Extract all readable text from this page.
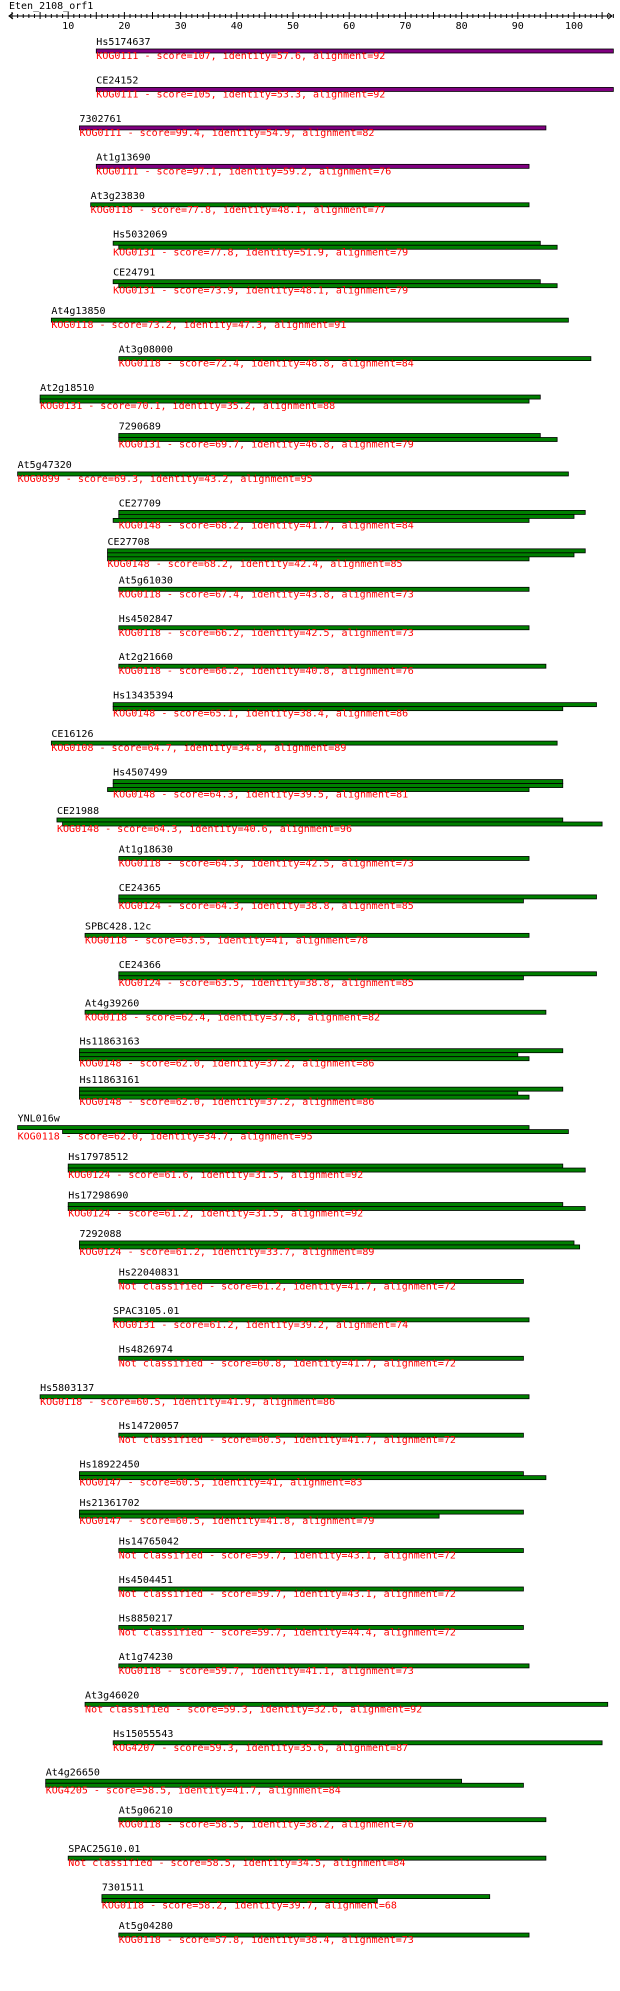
Eten_2108_orf1
10	20	30	40	50	60	70	80	90	100
Hs5174637
KOG0111 - score=107, identity=57.6, alignment=92
CE24152
KOG0111 - score=105, identity=53.3, alignment=92
7302761
KOG0111 - score=99.4, identity=54.9, alignment=82
At1g13690
KOG0111 - score=97.1, identity=59.2, alignment=76
At3g23830
KOG0118 - score=77.8, identity=48.1, alignment=77
Hs5032069
KOG0131 - score=77.8, identity=51.9, alignment=79
CE24791
KOG0131 - score=73.9, identity=48.1, alignment=79
At4g13850
KOG0118 - score=73.2, identity=47.3, alignment=91
At3g08000
KOG0118 - score=72.4, identity=48.8, alignment=84
At2g18510
KOG0131 - score=70.1, identity=35.2, alignment=88
7290689
KOG0131 - score=69.7, identity=46.8, alignment=79
At5g47320
KOG0899 - score=69.3, identity=43.2, alignment=95
CE27709
KOG0148 - score=68.2, identity=41.7, alignment=84
CE27708
KOG0148 - score=68.2, identity=42.4, alignment=85
At5g61030
KOG0118 - score=67.4, identity=43.8, alignment=73
Hs4502847
KOG0118 - score=66.2, identity=42.5, alignment=73
At2g21660
KOG0118 - score=66.2, identity=40.8, alignment=76
Hs13435394
KOG0148 - score=65.1, identity=38.4, alignment=86
CE16126
KOG0108 - score=64.7, identity=34.8, alignment=89
Hs4507499
KOG0148 - score=64.3, identity=39.5, alignment=81
CE21988
KOG0148 - score=64.3, identity=40.6, alignment=96
At1g18630
KOG0118 - score=64.3, identity=42.5, alignment=73
CE24365
KOG0124 - score=64.3, identity=38.8, alignment=85
SPBC428.12c
KOG0118 - score=63.5, identity=41, alignment=78
CE24366
KOG0124 - score=63.5, identity=38.8, alignment=85
At4g39260
KOG0118 - score=62.4, identity=37.8, alignment=82
Hs11863163
KOG0148 - score=62.0, identity=37.2, alignment=86
Hs11863161
KOG0148 - score=62.0, identity=37.2, alignment=86
YNL016w
KOG0118 - score=62.0, identity=34.7, alignment=95
Hs17978512
KOG0124 - score=61.6, identity=31.5, alignment=92
Hs17298690
KOG0124 - score=61.2, identity=31.5, alignment=92
7292088
KOG0124 - score=61.2, identity=33.7, alignment=89
Hs22040831
Not classified - score=61.2, identity=41.7, alignment=72
SPAC3105.01
KOG0131 - score=61.2, identity=39.2, alignment=74
Hs4826974
Not classified - score=60.8, identity=41.7, alignment=72
Hs5803137
KOG0118 - score=60.5, identity=41.9, alignment=86
Hs14720057
Not classified - score=60.5, identity=41.7, alignment=72
Hs18922450
KOG0147 - score=60.5, identity=41, alignment=83
Hs21361702
KOG0147 - score=60.5, identity=41.8, alignment=79
Hs14765042
Not classified - score=59.7, identity=43.1, alignment=72
Hs4504451
Not classified - score=59.7, identity=43.1, alignment=72
Hs8850217
Not classified - score=59.7, identity=44.4, alignment=72
At1g74230
KOG0118 - score=59.7, identity=41.1, alignment=73
At3g46020
Not classified - score=59.3, identity=32.6, alignment=92
Hs15055543
KOG4207 - score=59.3, identity=35.6, alignment=87
At4g26650
KOG4205 - score=58.5, identity=41.7, alignment=84
At5g06210
KOG0118 - score=58.5, identity=38.2, alignment=76
SPAC25G10.01
Not classified - score=58.5, identity=34.5, alignment=84
7301511
KOG0118 - score=58.2, identity=39.7, alignment=68
At5g04280
KOG0118 - score=57.8, identity=38.4, alignment=73
